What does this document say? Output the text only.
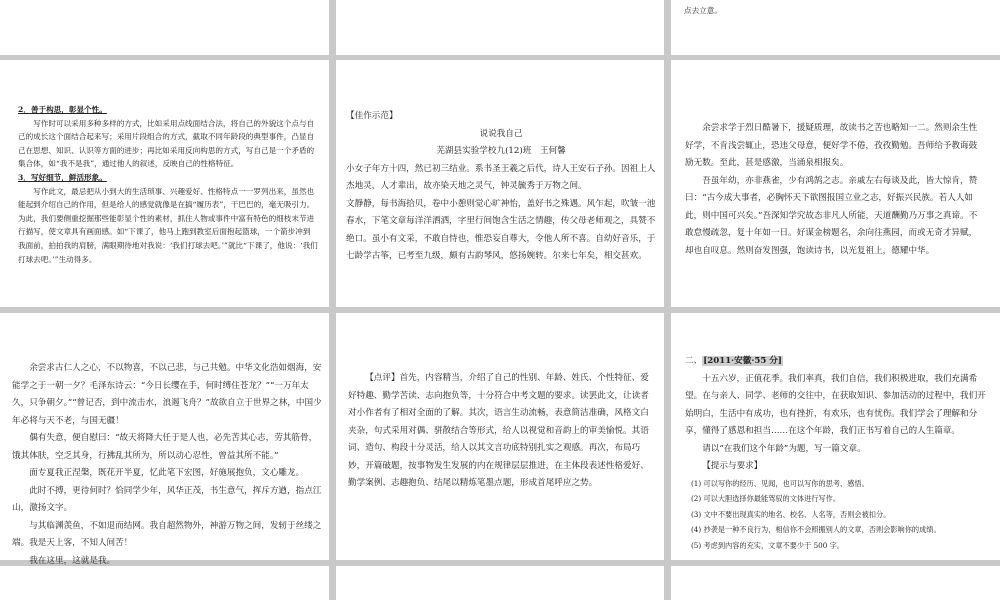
点去立意。

2．善于构思，彰显个性。

写作时可以采用多种多样的方式，比如采用点线面结合法，将自己的外貌这个点与自己的成长这个面结合起来写；采用片段组合的方式，截取不同年龄段的典型事件，凸显自己在思想、知识、认识等方面的进步；再比如采用反向构思的方式，写自己是一个矛盾的集合体，如“我不是我”，通过他人的叙述，反映自己的性格特征。

3．写好细节，鲜活形象。

写作此文，最忌把从小到大的生活琐事、兴趣爱好、性格特点一一罗列出来，虽然也能起到介绍自己的作用，但是给人的感觉就像是在搞“履历表”，干巴巴的，毫无吸引力。为此，我们要侧重挖掘那些能彰显个性的素材，抓住人物或事件中富有特色的细枝末节进行描写，使文章具有画面感。如“下课了，他马上跑到教室后面抱起篮球，一个箭步冲到我面前，拍拍我的肩膀，满眼期待地对我说：‘我们打球去吧。’”就比“下课了，他说：‘我们打球去吧。’”生动得多。

【佳作示范】

说说我自己

芜湖县实验学校九(12)班　王何馨

小女子年方十四，然已初三结业。系书圣王羲之后代，诗人王安石子孙。因祖上人杰地灵，人才辈出，故亦染天地之灵气，钟灵毓秀于万物之间。

文静静，每书海拾贝，卷中小憩则觉心旷神怡，盖好书之殊遇。风乍起，吹皱一池春水，下笔文章每洋洋洒洒，字里行间饱含生活之情趣，传父母老师观之，具赞不绝口。虽小有文采，不敢自恃也，惟恐妄自尊大，令他人所不喜。自幼好音乐，于七龄学古筝，已考至九级，颇有古韵琴风，悠扬婉转。尔来七年矣，相交甚欢。

余尝求学于烈日酷暑下，援疑质理，故读书之苦也略知一二。然则余生性好学，不肯浅尝辄止，恐违父母意，便好学不倦，孜孜勤勉。吾师给予教诲鼓励无数。至此，甚是感激，当涌泉相报矣。

吾虽年幼，亦非燕雀，少有鸿鹄之志。亲戚左右每谈及此，皆大惊肯，赞曰：“古今成大事者，必胸怀天下欲图报国立业之志，好振兴民族。若人人如此，则中国可兴矣。”吾深知学究故态非凡人所能，天道酬勤乃万事之真谛。不敢怠慢疏忽，复十年如一日。好谋金榜题名，余向往燕园，而或无奇才异赋，却也自叹息。然则奋发图强，饱读诗书，以光复祖上，德耀中华。

余尝求古仁人之心，不以物喜，不以己悲，与己共勉。中华文化浩如烟海，安能学之于一朝一夕？毛泽东诗云：“今日长缨在手，何时缚住苍龙？”“一万年太久，只争朝夕。”“曾记否，到中流击水，浪遏飞舟？”故欲自立于世界之林，中国少年必将与天不老，与国无疆！

偶有失意，便自慰曰：“故天将降大任于是人也，必先苦其心志，劳其筋骨，饿其体肤，空乏其身，行拂乱其所为，所以动心忍性，曾益其所不能。”

面专夏我正涅槃，既花开半夏，忆此笔下宏图，好施展抱负，文心雕龙。

此时不搏，更待何时？恰同学少年，风华正茂，书生意气，挥斥方遒，指点江山，激扬文字。

与其临渊羡鱼，不如退而结网。我自超然物外，神游万物之间，发轫于丝缕之端。我是天上客，不知人间苦！

我在这里，这就是我。

【点评】首先，内容精当，介绍了自己的性别、年龄、姓氏、个性特征、爱好特趣、勤学苦读、志向抱负等，十分符合中考文题的要求。读罢此文，让读者对小作者有了相对全面的了解。其次，语言生动流畅，表意简洁准确，风格文白夹杂，句式采用对偶、骈散结合等形式，给人以视觉和音韵上的审美愉悦。其语词、造句、构段十分灵活，给人以其文言功底特别扎实之观感。再次，布局巧妙，开篇破题，按事物发生发展的内在规律层层推进，在主体段表述性格爱好、勤学案例、志趣抱负、结尾以精炼笔墨点题，形成首尾呼应之势。

二、[2011·安徽·55 分]

十五六岁，正值花季。我们率真，我们自信，我们积极进取，我们充满希望。在与亲人、同学、老师的交往中，在获取知识、参加活动的过程中，我们开始明白，生活中有成功，也有挫折，有欢乐，也有忧伤。我们学会了理解和分享，懂得了感恩和担当……在这个年龄，我们正书写着自己的人生篇章。

请以“在我们这个年龄”为题，写一篇文章。

【提示与要求】

(1) 可以写你的经历、见闻，也可以写你的思考、感悟。

(2) 可以大胆选择你最能驾驭的文体进行写作。

(3) 文中不要出现真实的地名、校名、人名等，否则会被扣分。

(4) 抄袭是一种不良行为，相信你不会照搬别人的文章，否则会影响你的成绩。

(5) 考虑到内容的充实，文章不要少于 500 字。
